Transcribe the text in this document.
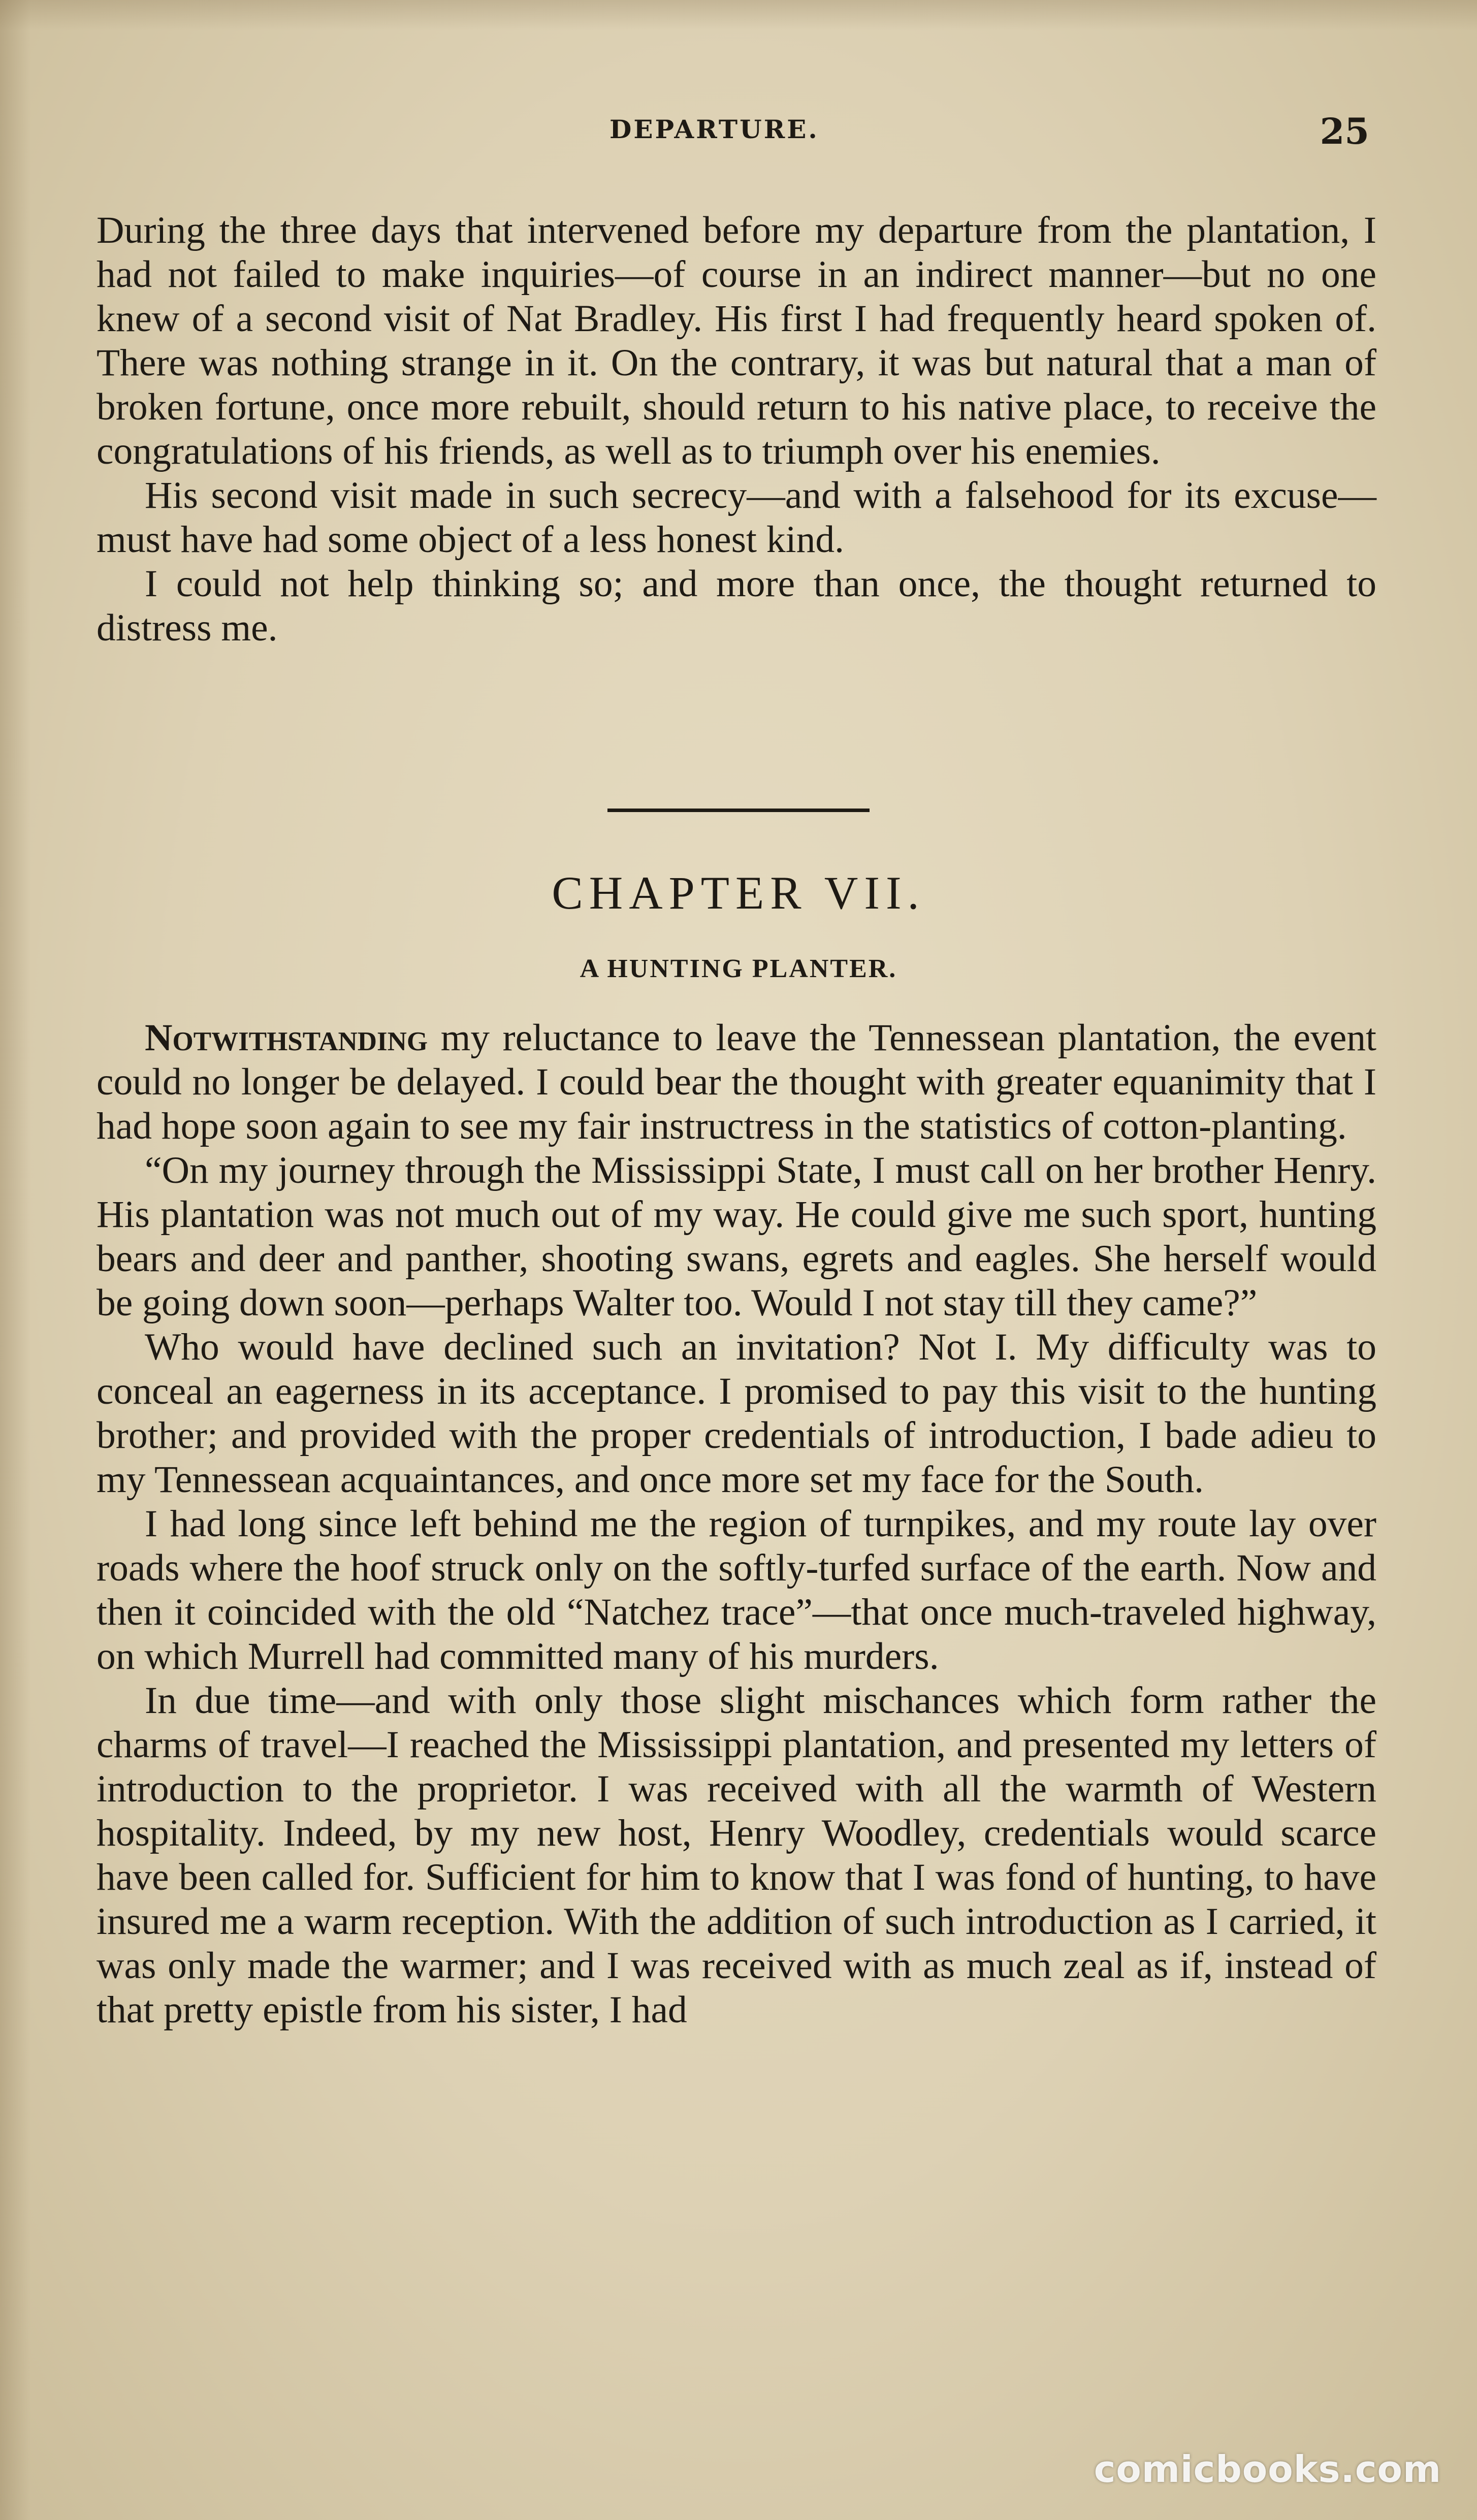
DEPARTURE.	25

During the three days that intervened before my departure from the plantation, I had not failed to make inquiries—of course in an indirect manner—but no one knew of a second visit of Nat Bradley. His first I had frequently heard spoken of. There was nothing strange in it. On the contrary, it was but natural that a man of broken fortune, once more rebuilt, should return to his native place, to receive the congratulations of his friends, as well as to triumph over his enemies.

His second visit made in such secrecy—and with a falsehood for its excuse—must have had some object of a less honest kind.

I could not help thinking so; and more than once, the thought returned to distress me.

CHAPTER VII.
A HUNTING PLANTER.

Notwithstanding my reluctance to leave the Tennessean plantation, the event could no longer be delayed. I could bear the thought with greater equanimity that I had hope soon again to see my fair instructress in the statistics of cotton-planting.

“On my journey through the Mississippi State, I must call on her brother Henry. His plantation was not much out of my way. He could give me such sport, hunting bears and deer and panther, shooting swans, egrets and eagles. She herself would be going down soon—perhaps Walter too. Would I not stay till they came?”

Who would have declined such an invitation? Not I. My difficulty was to conceal an eagerness in its acceptance. I promised to pay this visit to the hunting brother; and provided with the proper credentials of introduction, I bade adieu to my Tennessean acquaintances, and once more set my face for the South.

I had long since left behind me the region of turnpikes, and my route lay over roads where the hoof struck only on the softly-turfed surface of the earth. Now and then it coincided with the old “Natchez trace”—that once much-traveled highway, on which Murrell had committed many of his murders.

In due time—and with only those slight mischances which form rather the charms of travel—I reached the Mississippi plantation, and presented my letters of introduction to the proprietor. I was received with all the warmth of Western hospitality. Indeed, by my new host, Henry Woodley, credentials would scarce have been called for. Sufficient for him to know that I was fond of hunting, to have insured me a warm reception. With the addition of such introduction as I carried, it was only made the warmer; and I was received with as much zeal as if, instead of that pretty epistle from his sister, I had

comicbooks.com
